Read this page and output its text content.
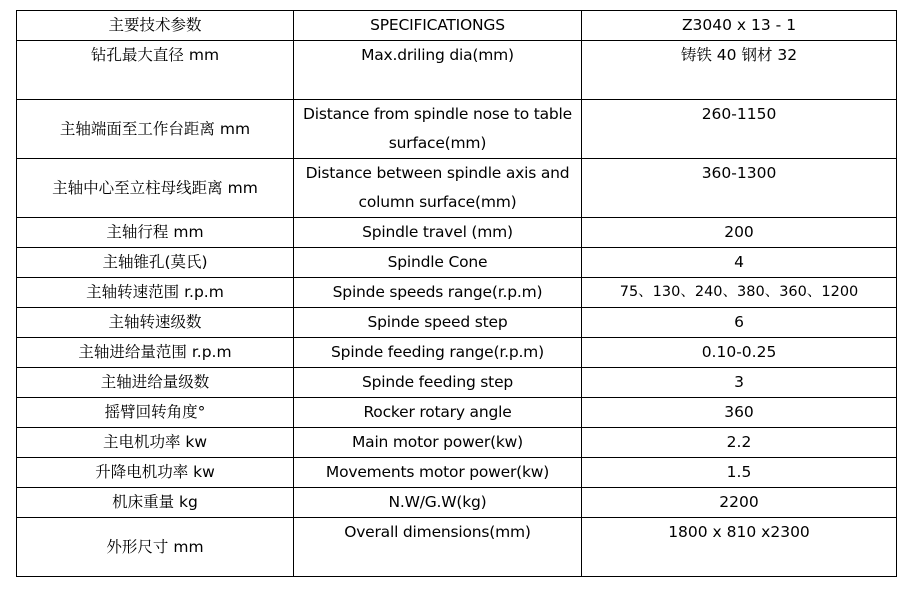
主要技术参数	SPECIFICATIONGS	Z3040 x 13 - 1
钻孔最大直径 mm	Max.driling dia(mm)	铸铁 40 钢材 32
主轴端面至工作台距离 mm	Distance from spindle nose to table surface(mm)	260-1150
主轴中心至立柱母线距离 mm	Distance between spindle axis and column surface(mm)	360-1300
主轴行程 mm	Spindle travel (mm)	200
主轴锥孔(莫氏)	Spindle Cone	4
主轴转速范围 r.p.m	Spinde speeds range(r.p.m)	75、130、240、380、360、1200
主轴转速级数	Spinde speed step	6
主轴进给量范围 r.p.m	Spinde feeding range(r.p.m)	0.10-0.25
主轴进给量级数	Spinde feeding step	3
摇臂回转角度°	Rocker rotary angle	360
主电机功率 kw	Main motor power(kw)	2.2
升降电机功率 kw	Movements motor power(kw)	1.5
机床重量 kg	N.W/G.W(kg)	2200
外形尺寸 mm	Overall dimensions(mm)	1800 x 810 x2300
